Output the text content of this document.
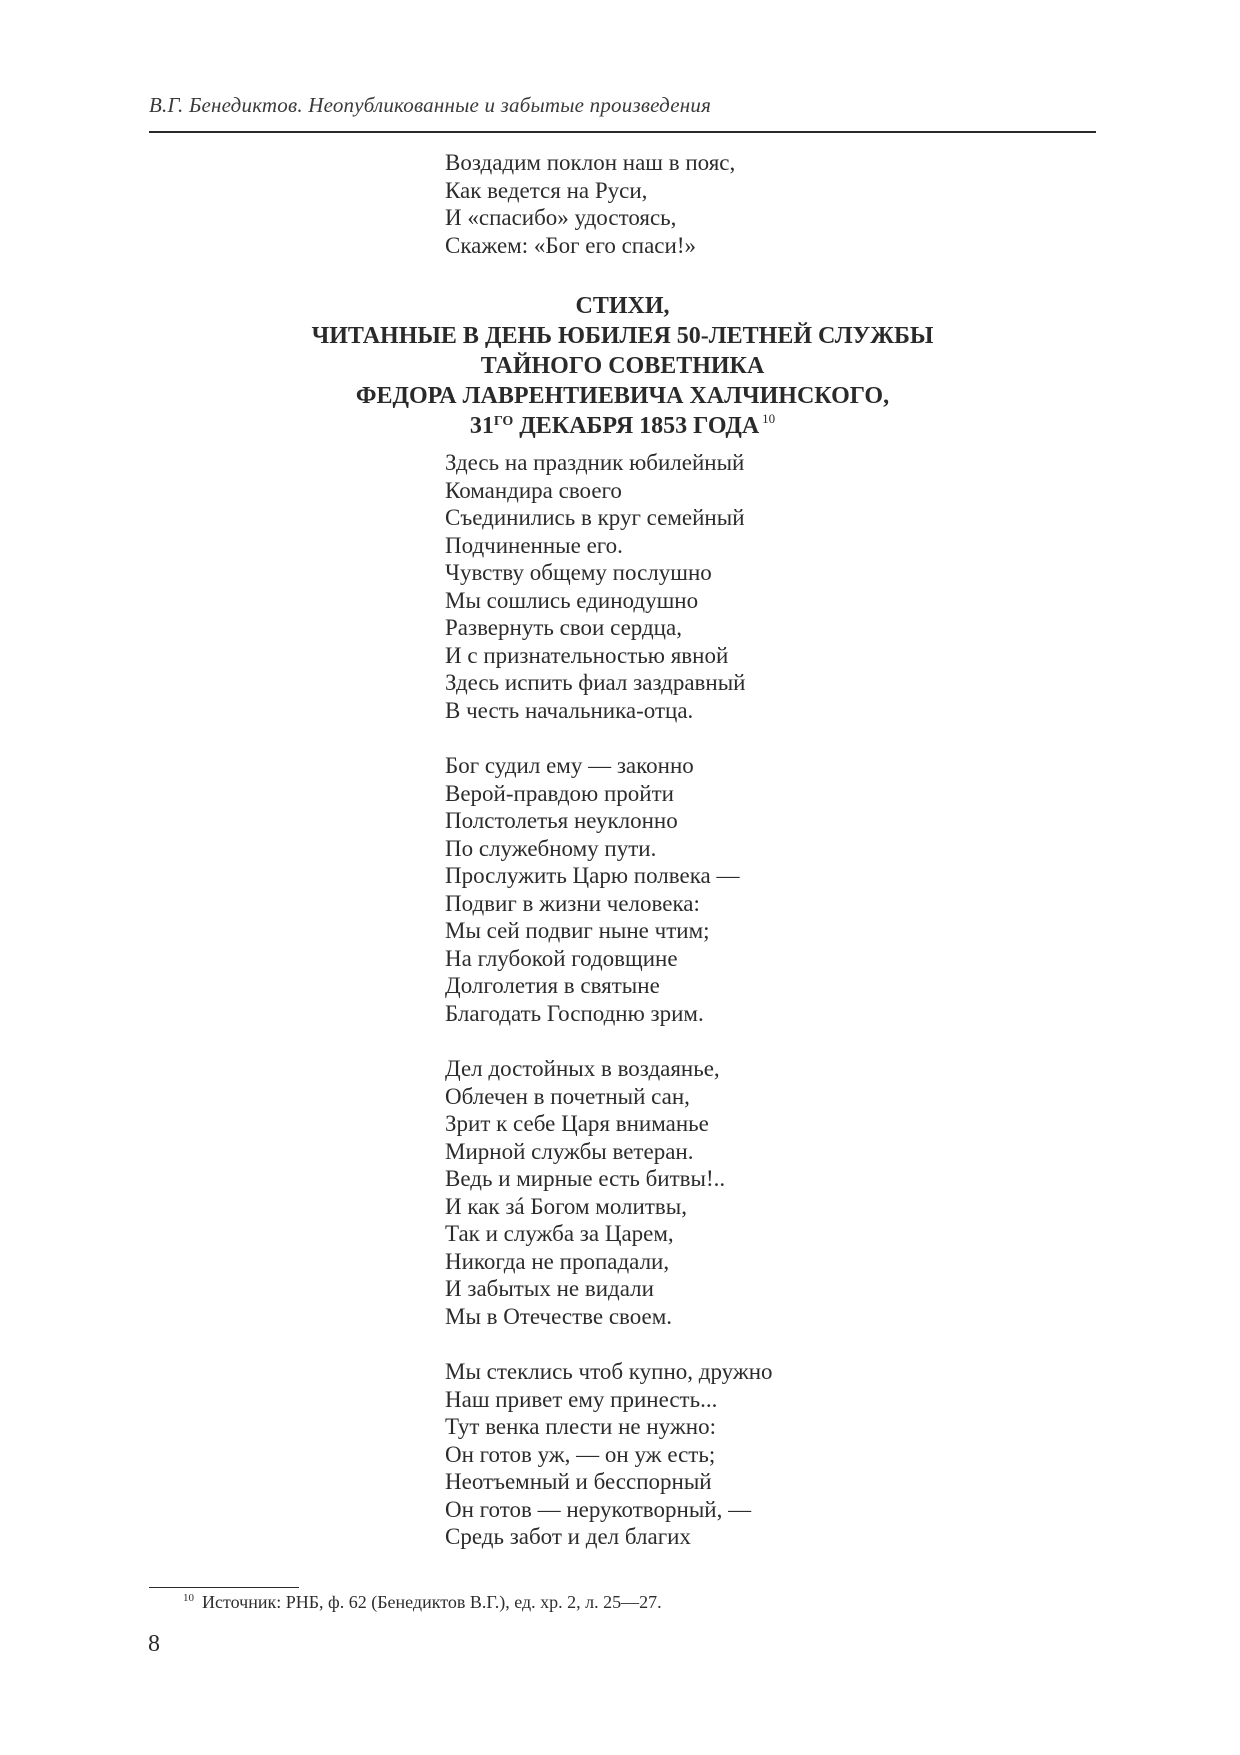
В.Г. Бенедиктов. Неопубликованные и забытые произведения
Воздадим поклон наш в пояс,
Как ведется на Руси,
И «спасибо» удостоясь,
Скажем: «Бог его спаси!»
СТИХИ,
ЧИТАННЫЕ В ДЕНЬ ЮБИЛЕЯ 50-ЛЕТНЕЙ СЛУЖБЫ
ТАЙНОГО СОВЕТНИКА
ФЕДОРА ЛАВРЕНТИЕВИЧА ХАЛЧИНСКОГО,
$31^{ГО}$ ДЕКАБРЯ 1853 ГОДА $^{10}$
Здесь на праздник юбилейный
Командира своего
Съединились в круг семейный
Подчиненные его.
Чувству общему послушно
Мы сошлись единодушно
Развернуть свои сердца,
И с признательностью явной
Здесь испить фиал заздравный
В честь начальника-отца.
Бог судил ему — законно
Верой-правдою пройти
Полстолетья неуклонно
По служебному пути.
Прослужить Царю полвека —
Подвиг в жизни человека:
Мы сей подвиг ныне чтим;
На глубокой годовщине
Долголетия в святыне
Благодать Господню зрим.
Дел достойных в воздаянье,
Облечен в почетный сан,
Зрит к себе Царя вниманье
Мирной службы ветеран.
Ведь и мирные есть битвы!..
И как зá Богом молитвы,
Так и служба за Царем,
Никогда не пропадали,
И забытых не видали
Мы в Отечестве своем.
Мы стеклись чтоб купно, дружно
Наш привет ему принесть...
Тут венка плести не нужно:
Он готов уж, — он уж есть;
Неотъемный и бесспорный
Он готов — нерукотворный, —
Средь забот и дел благих
$^{10}$ Источник: РНБ, ф. 62 (Бенедиктов В.Г.), ед. хр. 2, л. 25—27.
8
